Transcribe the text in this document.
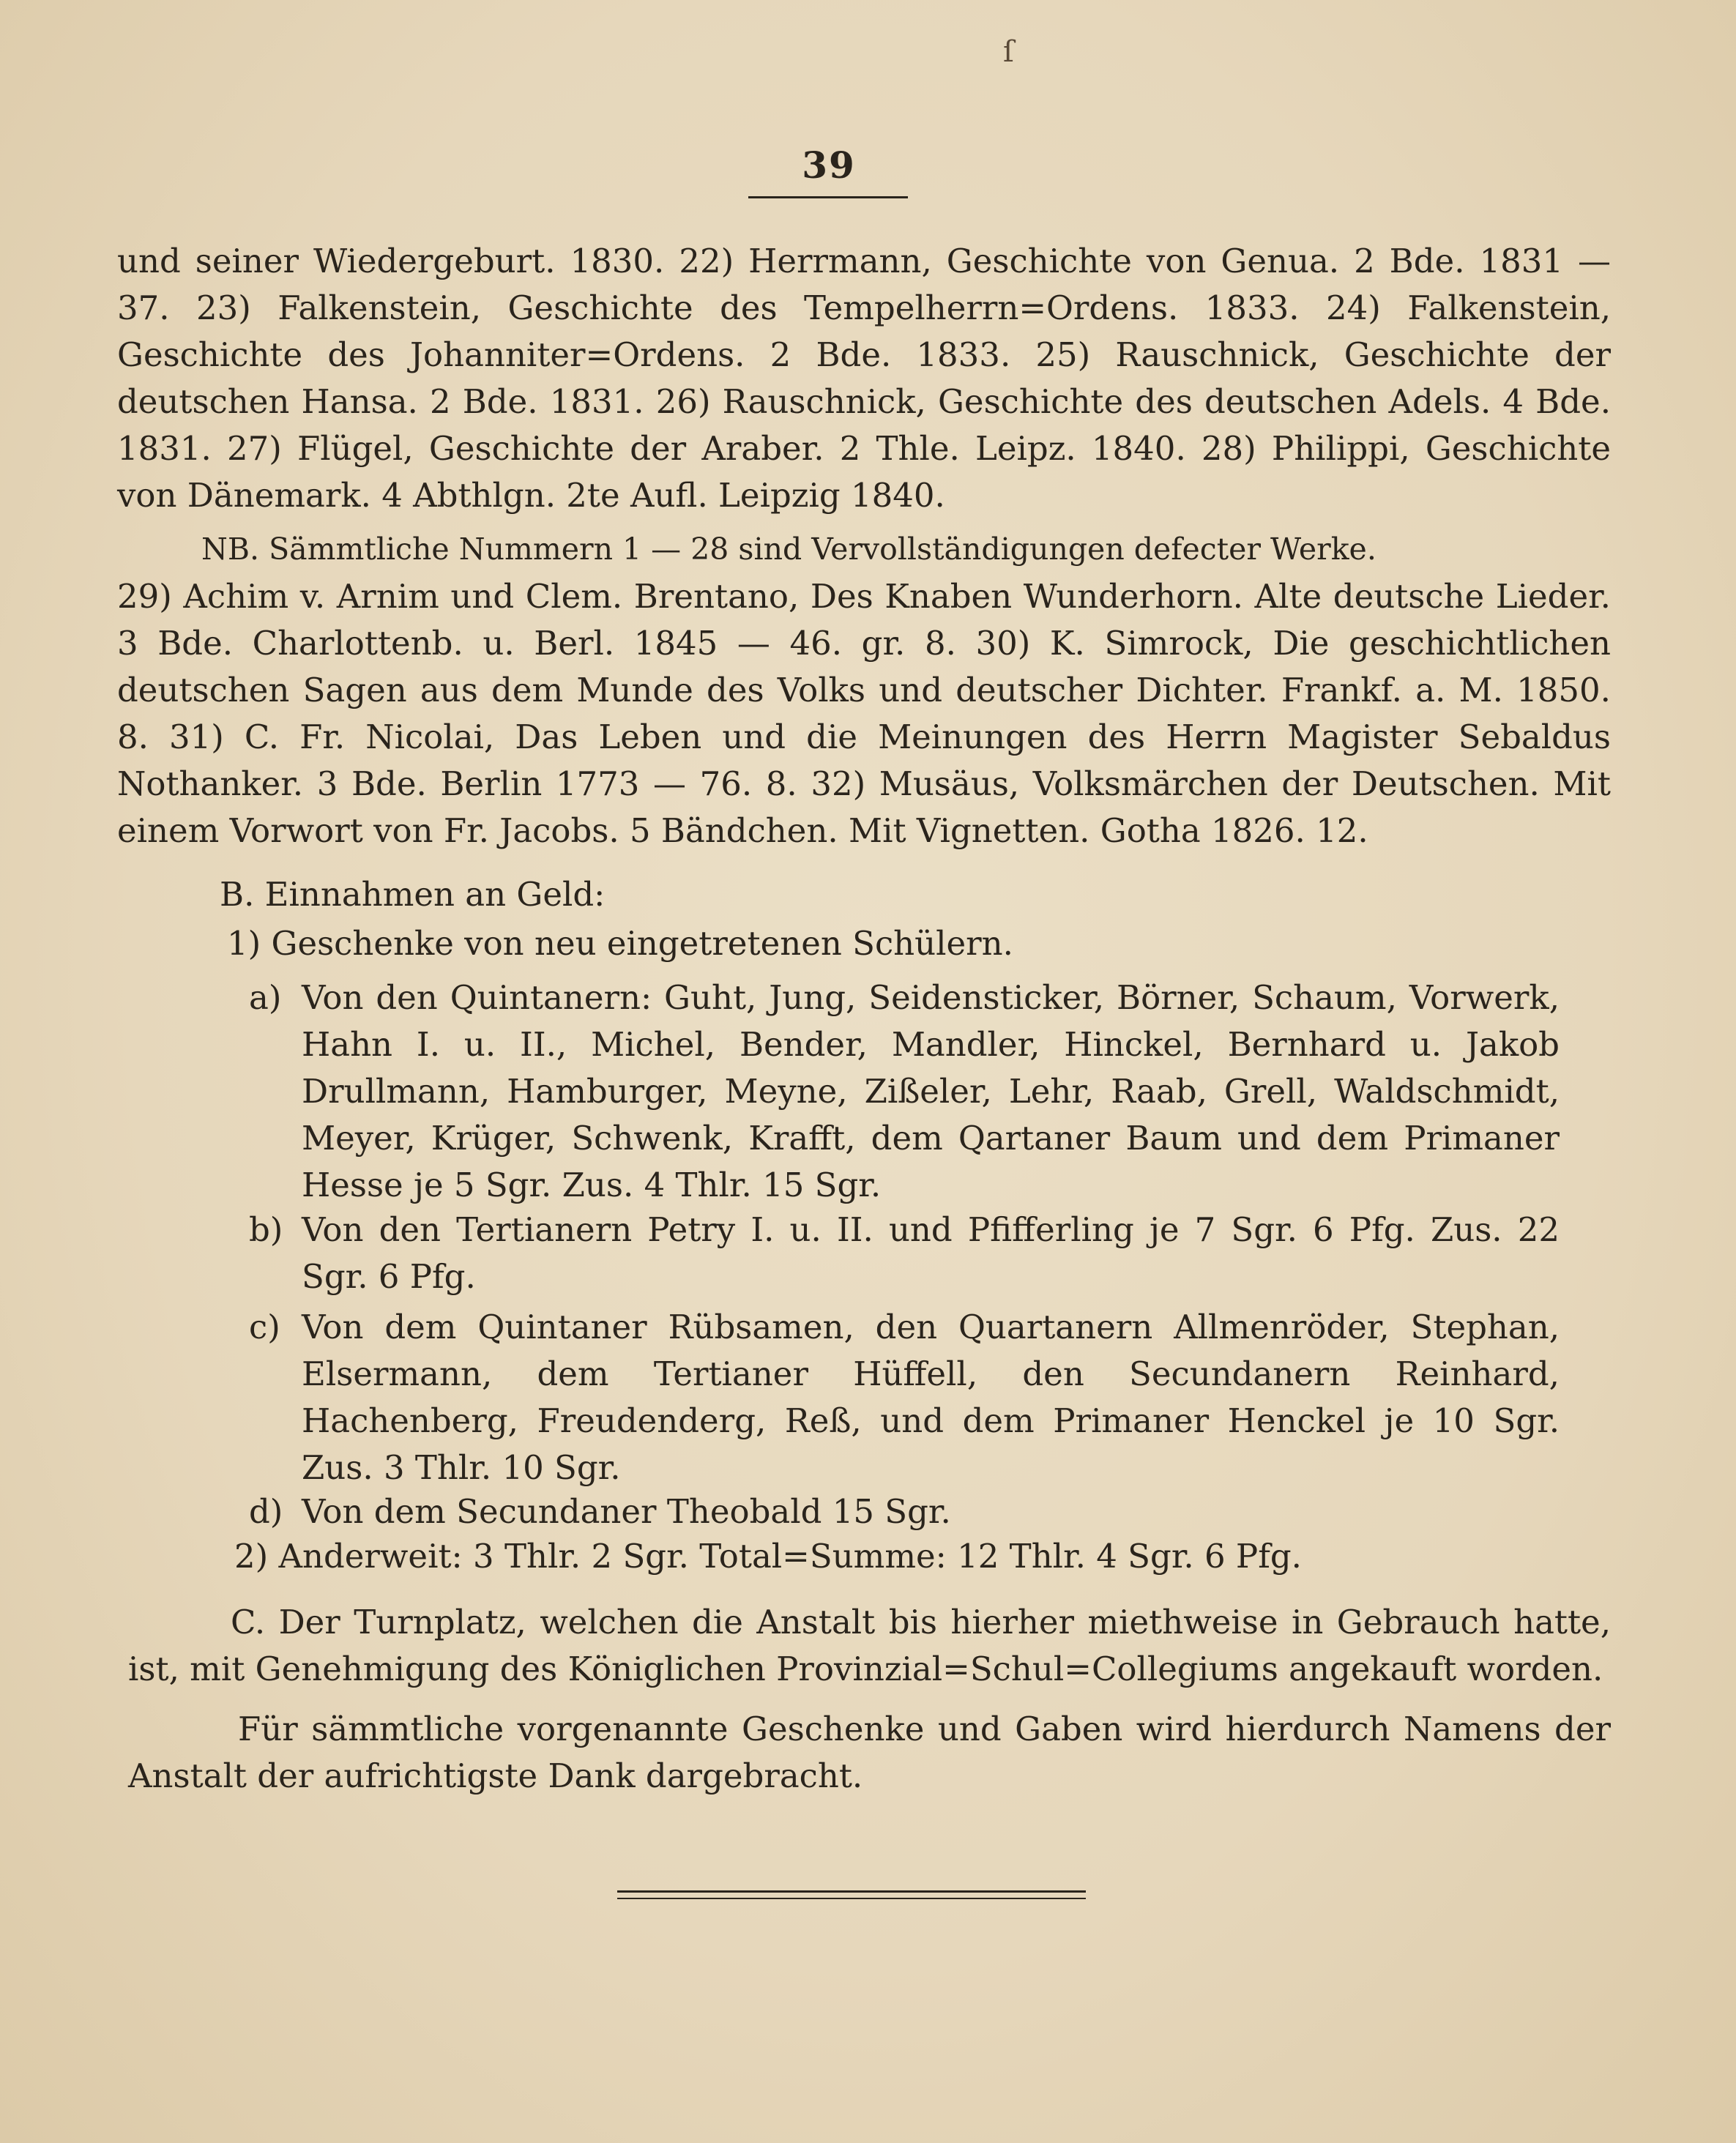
ſ
39
und seiner Wiedergeburt. 1830. 22) Herrmann, Geschichte von Genua. 2 Bde. 1831 — 37. 23) Falkenstein, Geschichte des Tempelherrn=Ordens. 1833. 24) Falkenstein, Geschichte des Johanniter=Ordens. 2 Bde. 1833. 25) Rauschnick, Geschichte der deutschen Hansa. 2 Bde. 1831. 26) Rauschnick, Geschichte des deutschen Adels. 4 Bde. 1831. 27) Flügel, Geschichte der Araber. 2 Thle. Leipz. 1840. 28) Philippi, Geschichte von Dänemark. 4 Abthlgn. 2te Aufl. Leipzig 1840.
NB. Sämmtliche Nummern 1 — 28 sind Vervollständigungen defecter Werke.
29) Achim v. Arnim und Clem. Brentano, Des Knaben Wunderhorn. Alte deutsche Lieder. 3 Bde. Charlottenb. u. Berl. 1845 — 46. gr. 8. 30) K. Simrock, Die geschichtlichen deutschen Sagen aus dem Munde des Volks und deutscher Dichter. Frankf. a. M. 1850. 8. 31) C. Fr. Nicolai, Das Leben und die Meinungen des Herrn Magister Sebaldus Nothanker. 3 Bde. Berlin 1773 — 76. 8. 32) Musäus, Volksmärchen der Deutschen. Mit einem Vorwort von Fr. Jacobs. 5 Bändchen. Mit Vignetten. Gotha 1826. 12.
B. Einnahmen an Geld:
1) Geschenke von neu eingetretenen Schülern.
a) Von den Quintanern: Guht, Jung, Seidensticker, Börner, Schaum, Vorwerk, Hahn I. u. II., Michel, Bender, Mandler, Hinckel, Bernhard u. Jakob Drullmann, Hamburger, Meyne, Zißeler, Lehr, Raab, Grell, Waldschmidt, Meyer, Krüger, Schwenk, Krafft, dem Qartaner Baum und dem Primaner Hesse je 5 Sgr. Zus. 4 Thlr. 15 Sgr.
b) Von den Tertianern Petry I. u. II. und Pfifferling je 7 Sgr. 6 Pfg. Zus. 22 Sgr. 6 Pfg.
c) Von dem Quintaner Rübsamen, den Quartanern Allmenröder, Stephan, Elsermann, dem Tertianer Hüffell, den Secundanern Reinhard, Hachenberg, Freudenderg, Reß, und dem Primaner Henckel je 10 Sgr. Zus. 3 Thlr. 10 Sgr.
d) Von dem Secundaner Theobald 15 Sgr.
2) Anderweit: 3 Thlr. 2 Sgr. Total=Summe: 12 Thlr. 4 Sgr. 6 Pfg.
C. Der Turnplatz, welchen die Anstalt bis hierher miethweise in Gebrauch hatte, ist, mit Genehmigung des Königlichen Provinzial=Schul=Collegiums angekauft worden.
Für sämmtliche vorgenannte Geschenke und Gaben wird hierdurch Namens der Anstalt der aufrichtigste Dank dargebracht.
